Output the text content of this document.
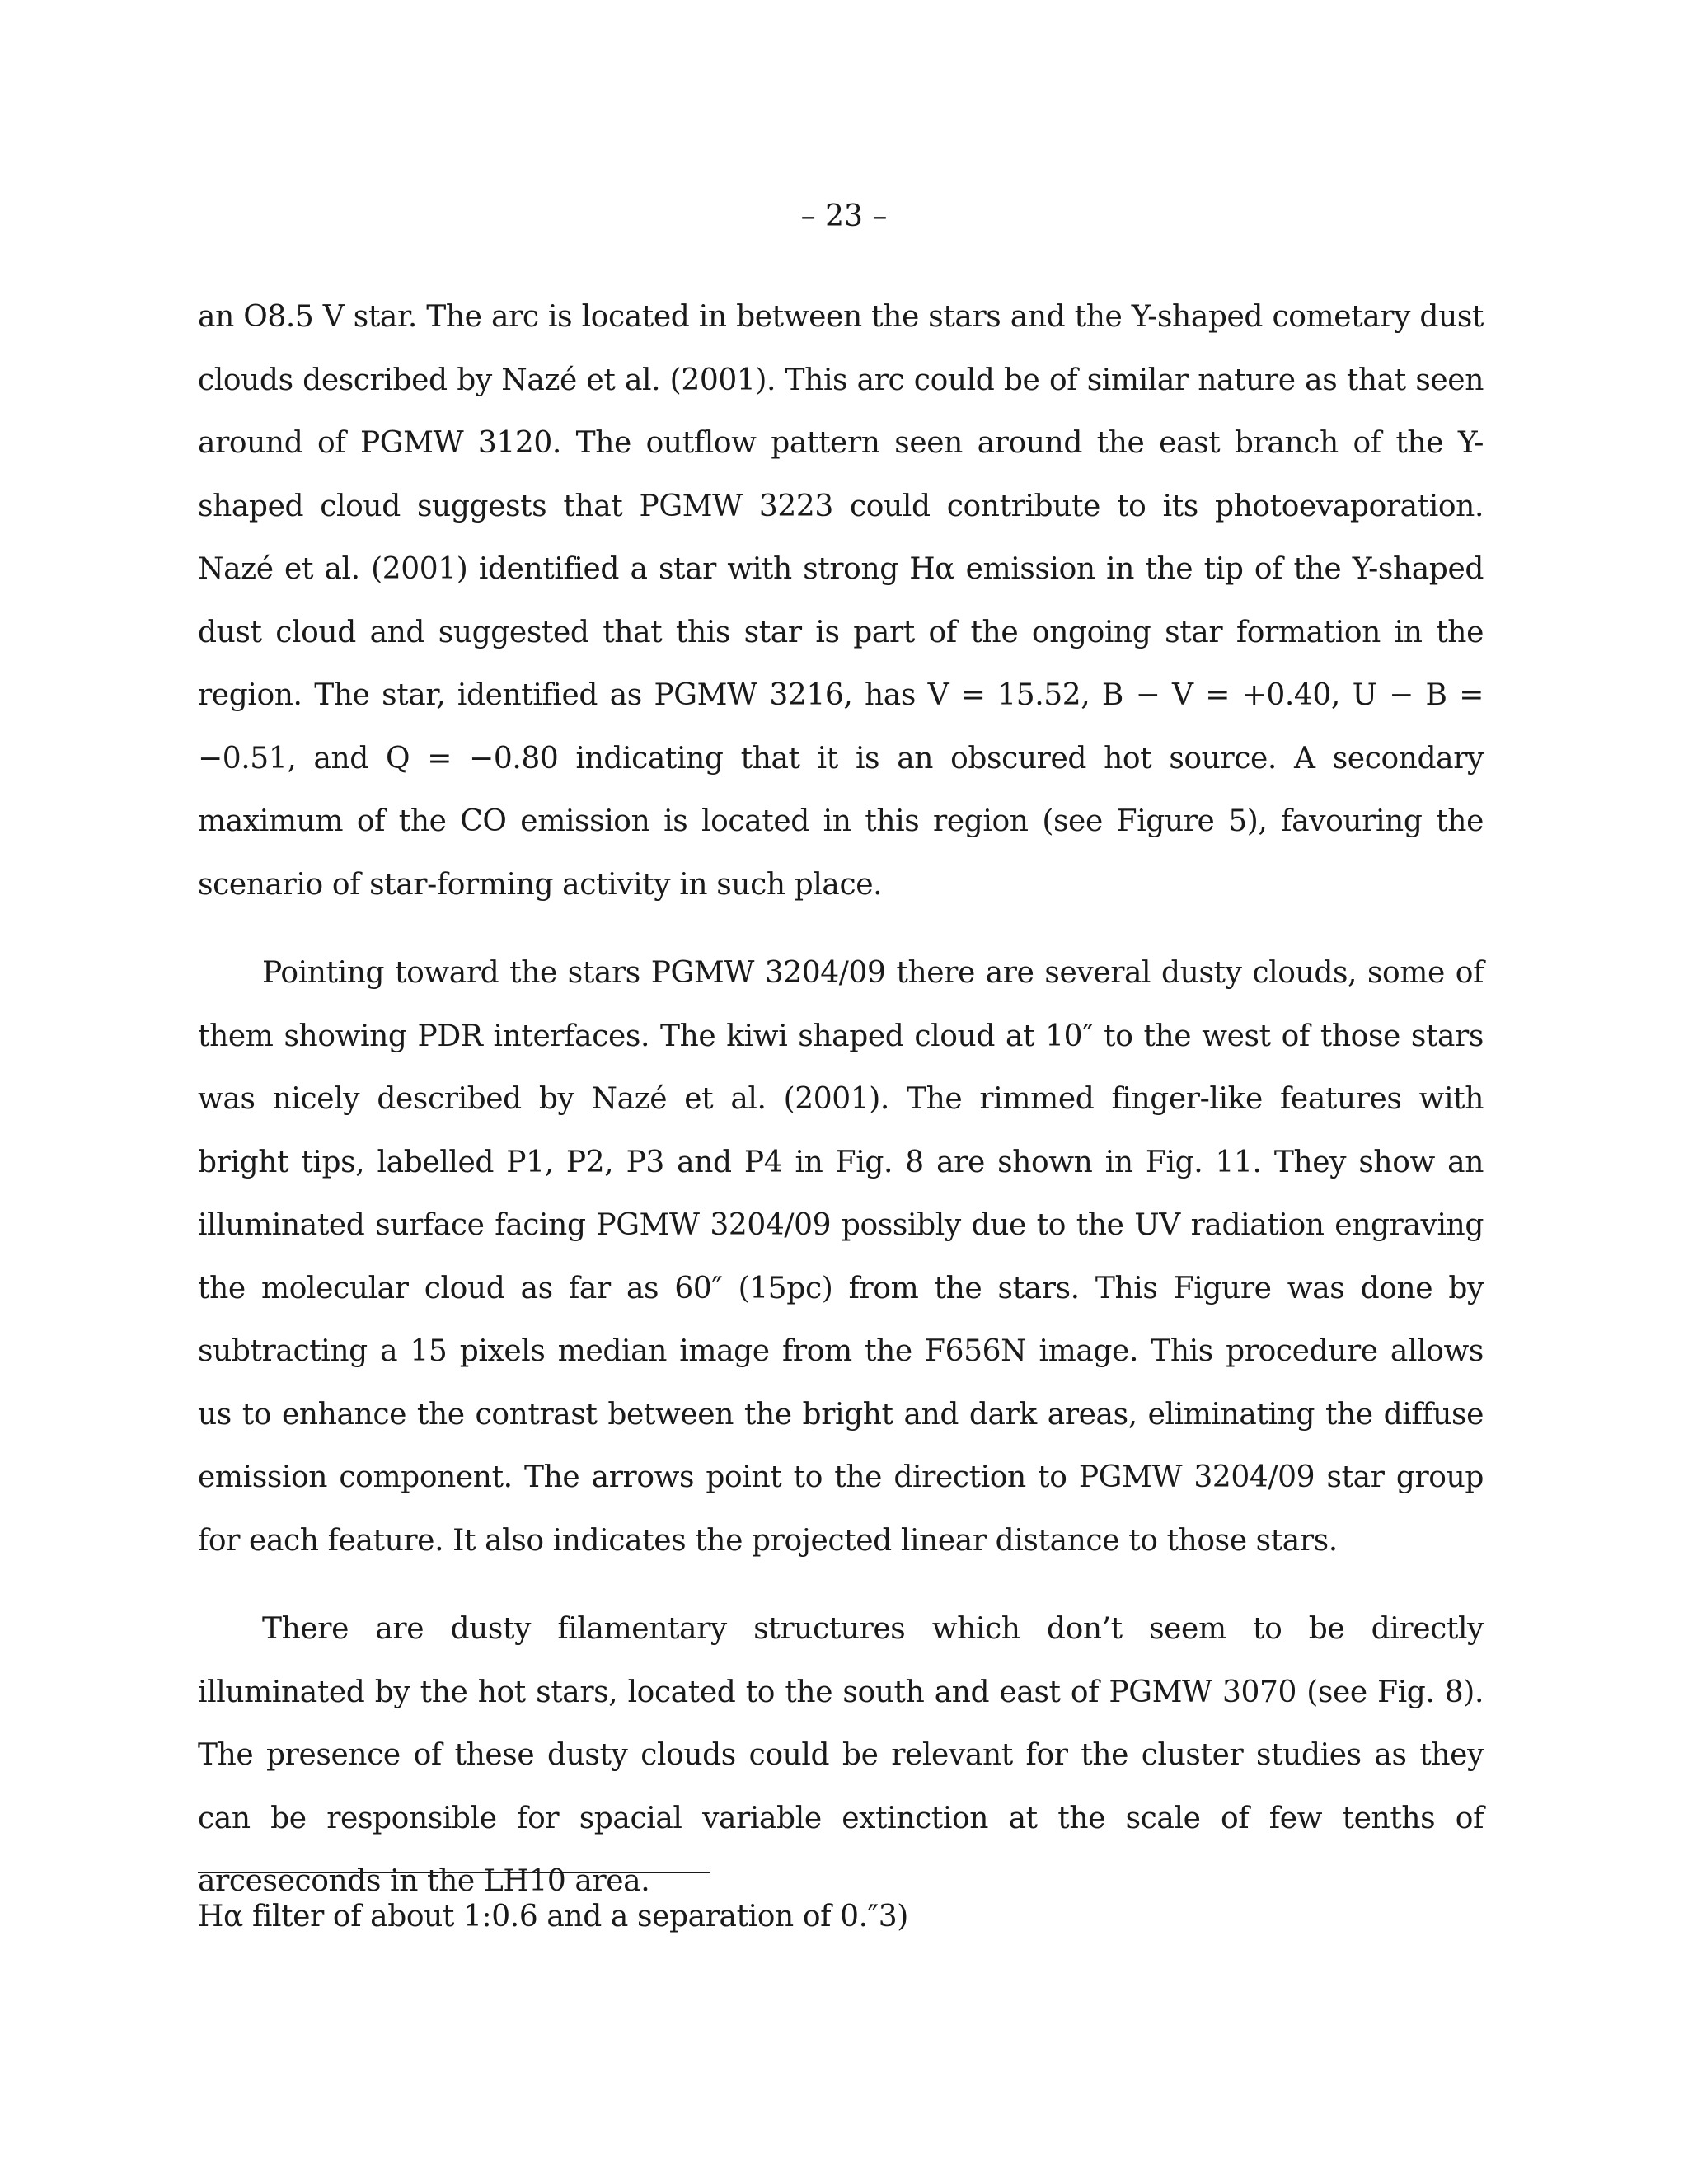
– 23 –

an O8.5 V star. The arc is located in between the stars and the Y-shaped cometary dust clouds described by Nazé et al. (2001). This arc could be of similar nature as that seen around of PGMW 3120. The outflow pattern seen around the east branch of the Y-shaped cloud suggests that PGMW 3223 could contribute to its photoevaporation. Nazé et al. (2001) identified a star with strong Hα emission in the tip of the Y-shaped dust cloud and suggested that this star is part of the ongoing star formation in the region. The star, identified as PGMW 3216, has V = 15.52, B − V = +0.40, U − B = −0.51, and Q = −0.80 indicating that it is an obscured hot source. A secondary maximum of the CO emission is located in this region (see Figure 5), favouring the scenario of star-forming activity in such place.

Pointing toward the stars PGMW 3204/09 there are several dusty clouds, some of them showing PDR interfaces. The kiwi shaped cloud at 10″ to the west of those stars was nicely described by Nazé et al. (2001). The rimmed finger-like features with bright tips, labelled P1, P2, P3 and P4 in Fig. 8 are shown in Fig. 11. They show an illuminated surface facing PGMW 3204/09 possibly due to the UV radiation engraving the molecular cloud as far as 60″ (15pc) from the stars. This Figure was done by subtracting a 15 pixels median image from the F656N image. This procedure allows us to enhance the contrast between the bright and dark areas, eliminating the diffuse emission component. The arrows point to the direction to PGMW 3204/09 star group for each feature. It also indicates the projected linear distance to those stars.

There are dusty filamentary structures which don’t seem to be directly illuminated by the hot stars, located to the south and east of PGMW 3070 (see Fig. 8). The presence of these dusty clouds could be relevant for the cluster studies as they can be responsible for spacial variable extinction at the scale of few tenths of arceseconds in the LH10 area.

Hα filter of about 1:0.6 and a separation of 0.″3)
